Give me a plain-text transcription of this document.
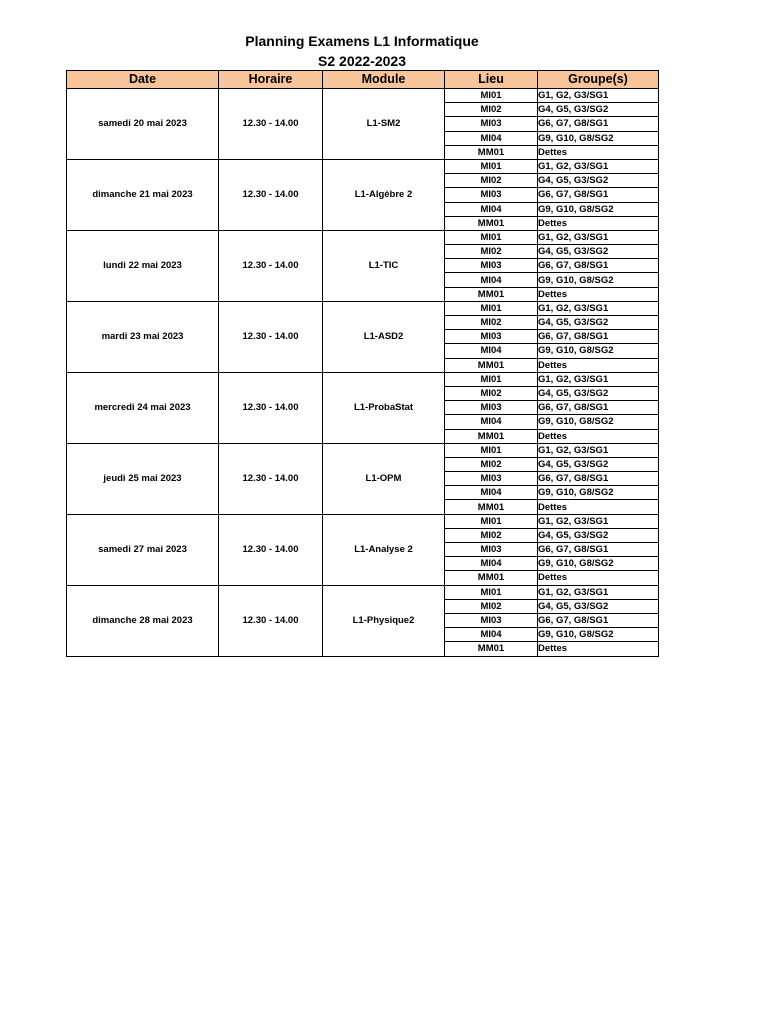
Planning Examens L1 Informatique
S2 2022-2023
Date	Horaire	Module	Lieu	Groupe(s)
samedi 20 mai 2023	12.30 - 14.00	L1-SM2	MI01	G1, G2, G3/SG1
			MI02	G4, G5, G3/SG2
			MI03	G6, G7, G8/SG1
			MI04	G9, G10, G8/SG2
			MM01	Dettes
dimanche 21 mai 2023	12.30 - 14.00	L1-Algèbre 2	MI01	G1, G2, G3/SG1
			MI02	G4, G5, G3/SG2
			MI03	G6, G7, G8/SG1
			MI04	G9, G10, G8/SG2
			MM01	Dettes
lundi 22 mai 2023	12.30 - 14.00	L1-TIC	MI01	G1, G2, G3/SG1
			MI02	G4, G5, G3/SG2
			MI03	G6, G7, G8/SG1
			MI04	G9, G10, G8/SG2
			MM01	Dettes
mardi 23 mai 2023	12.30 - 14.00	L1-ASD2	MI01	G1, G2, G3/SG1
			MI02	G4, G5, G3/SG2
			MI03	G6, G7, G8/SG1
			MI04	G9, G10, G8/SG2
			MM01	Dettes
mercredi 24 mai 2023	12.30 - 14.00	L1-ProbaStat	MI01	G1, G2, G3/SG1
			MI02	G4, G5, G3/SG2
			MI03	G6, G7, G8/SG1
			MI04	G9, G10, G8/SG2
			MM01	Dettes
jeudi 25 mai 2023	12.30 - 14.00	L1-OPM	MI01	G1, G2, G3/SG1
			MI02	G4, G5, G3/SG2
			MI03	G6, G7, G8/SG1
			MI04	G9, G10, G8/SG2
			MM01	Dettes
samedi 27 mai 2023	12.30 - 14.00	L1-Analyse 2	MI01	G1, G2, G3/SG1
			MI02	G4, G5, G3/SG2
			MI03	G6, G7, G8/SG1
			MI04	G9, G10, G8/SG2
			MM01	Dettes
dimanche 28 mai 2023	12.30 - 14.00	L1-Physique2	MI01	G1, G2, G3/SG1
			MI02	G4, G5, G3/SG2
			MI03	G6, G7, G8/SG1
			MI04	G9, G10, G8/SG2
			MM01	Dettes
